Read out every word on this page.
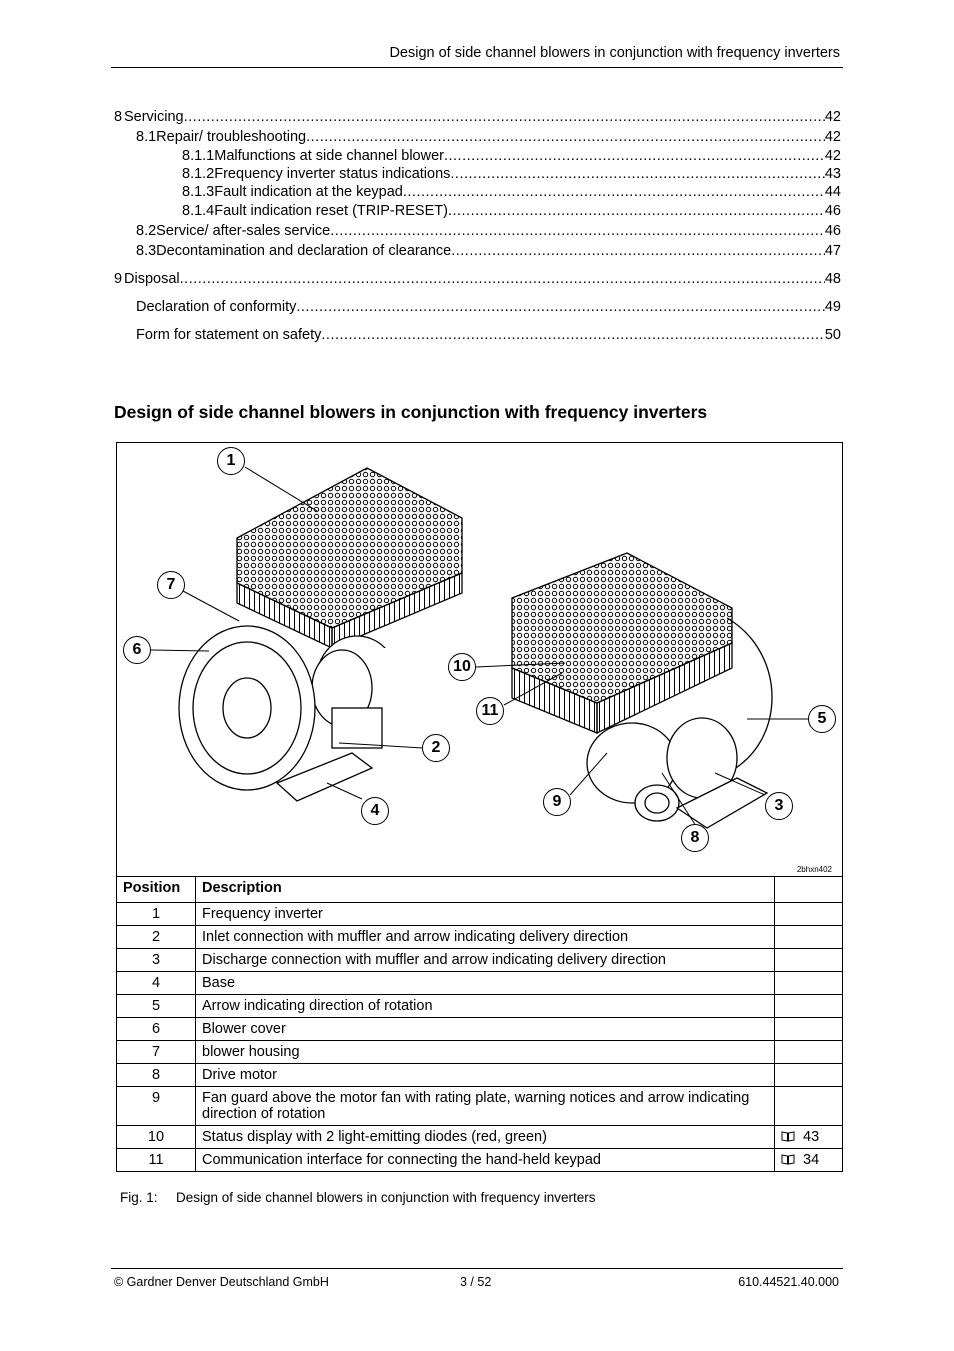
Design of side channel blowers in conjunction with frequency inverters
8 Servicing .....	42
8.1 Repair/ troubleshooting .....	42
8.1.1 Malfunctions at side channel blower .....	42
8.1.2 Frequency inverter status indications .....	43
8.1.3 Fault indication at the keypad .....	44
8.1.4 Fault indication reset (TRIP-RESET) .....	46
8.2 Service/ after-sales service .....	46
8.3 Decontamination and declaration of clearance .....	47
9 Disposal .....	48
Declaration of conformity .....	49
Form for statement on safety .....	50
Design of side channel blowers in conjunction with frequency inverters
1
7
6
10
11
2
4
9
8
3
5
2bhxn402
Position	Description	
1	Frequency inverter	
2	Inlet connection with muffler and arrow indicating delivery direction	
3	Discharge connection with muffler and arrow indicating delivery direction	
4	Base	
5	Arrow indicating direction of rotation	
6	Blower cover	
7	blower housing	
8	Drive motor	
9	Fan guard above the motor fan with rating plate, warning notices and arrow indicating direction of rotation	
10	Status display with 2 light-emitting diodes (red, green)	43
11	Communication interface for connecting the hand-held keypad	34
Fig. 1: Design of side channel blowers in conjunction with frequency inverters
© Gardner Denver Deutschland GmbH	3 / 52	610.44521.40.000
